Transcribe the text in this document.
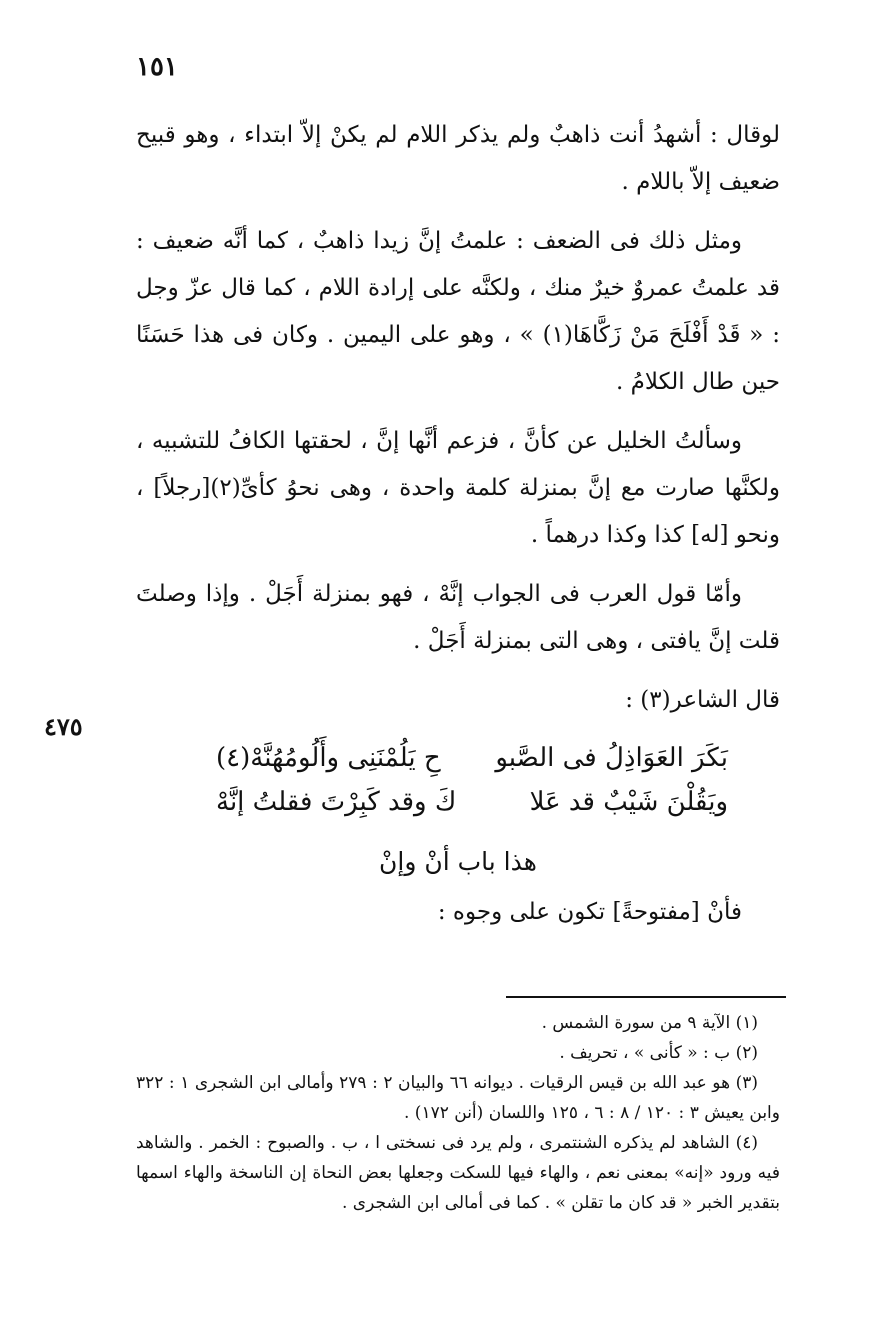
١٥١
٤٧٥

لوقال : أشهدُ أنت ذاهبٌ ولم يذكر اللام لم يكنْ إلاّ ابتداء ، وهو قبيح ضعيف إلاّ باللام .

ومثل ذلك فى الضعف : علمتُ إنَّ زيدا ذاهبٌ ، كما أنَّه ضعيف : قد علمتُ عمروٌ خيرٌ منك ، ولكنَّه على إرادة اللام ، كما قال عزّ وجل : « قَدْ أَفْلَحَ مَنْ زَكَّاهَا(١) » ، وهو على اليمين . وكان فى هذا حَسَنًا حين طال الكلامُ .

وسألتُ الخليل عن كأنَّ ، فزعم أنَّها إنَّ ، لحقتها الكافُ للتشبيه ، ولكنَّها صارت مع إنَّ بمنزلة كلمة واحدة ، وهى نحوُ كأىِّ(٢)[رجلاً] ، ونحو [له] كذا وكذا درهماً .

وأمّا قول العرب فى الجواب إنَّهْ ، فهو بمنزلة أَجَلْ . وإذا وصلتَ قلت إنَّ يافتى ، وهى التى بمنزلة أَجَلْ .

قال الشاعر(٣) :

بَكَرَ العَوَاذِلُ فى الصَّبو
حِ يَلُمْنَنِى وأَلُومُهُنَّهْ(٤)
ويَقُلْنَ شَيْبٌ قد عَلا
كَ وقد كَبِرْتَ فقلتُ إنَّهْ
هذا باب أنْ وإنْ

فأنْ [مفتوحةً] تكون على وجوه :

(١) الآية ٩ من سورة الشمس .

(٢) ب : « كأنى » ، تحريف .

(٣) هو عبد الله بن قيس الرقيات . ديوانه ٦٦ والبيان ٢ : ٢٧٩ وأمالى ابن الشجرى ١ : ٣٢٢ وابن يعيش ٣ : ١٢٠ / ٨ : ٦ ، ١٢٥ واللسان (أنن ١٧٢) .

(٤) الشاهد لم يذكره الشنتمرى ، ولم يرد فى نسختى ا ، ب . والصبوح : الخمر . والشاهد فيه ورود «إنه» بمعنى نعم ، والهاء فيها للسكت وجعلها بعض النحاة إن الناسخة والهاء اسمها بتقدير الخبر « قد كان ما تقلن » . كما فى أمالى ابن الشجرى .
